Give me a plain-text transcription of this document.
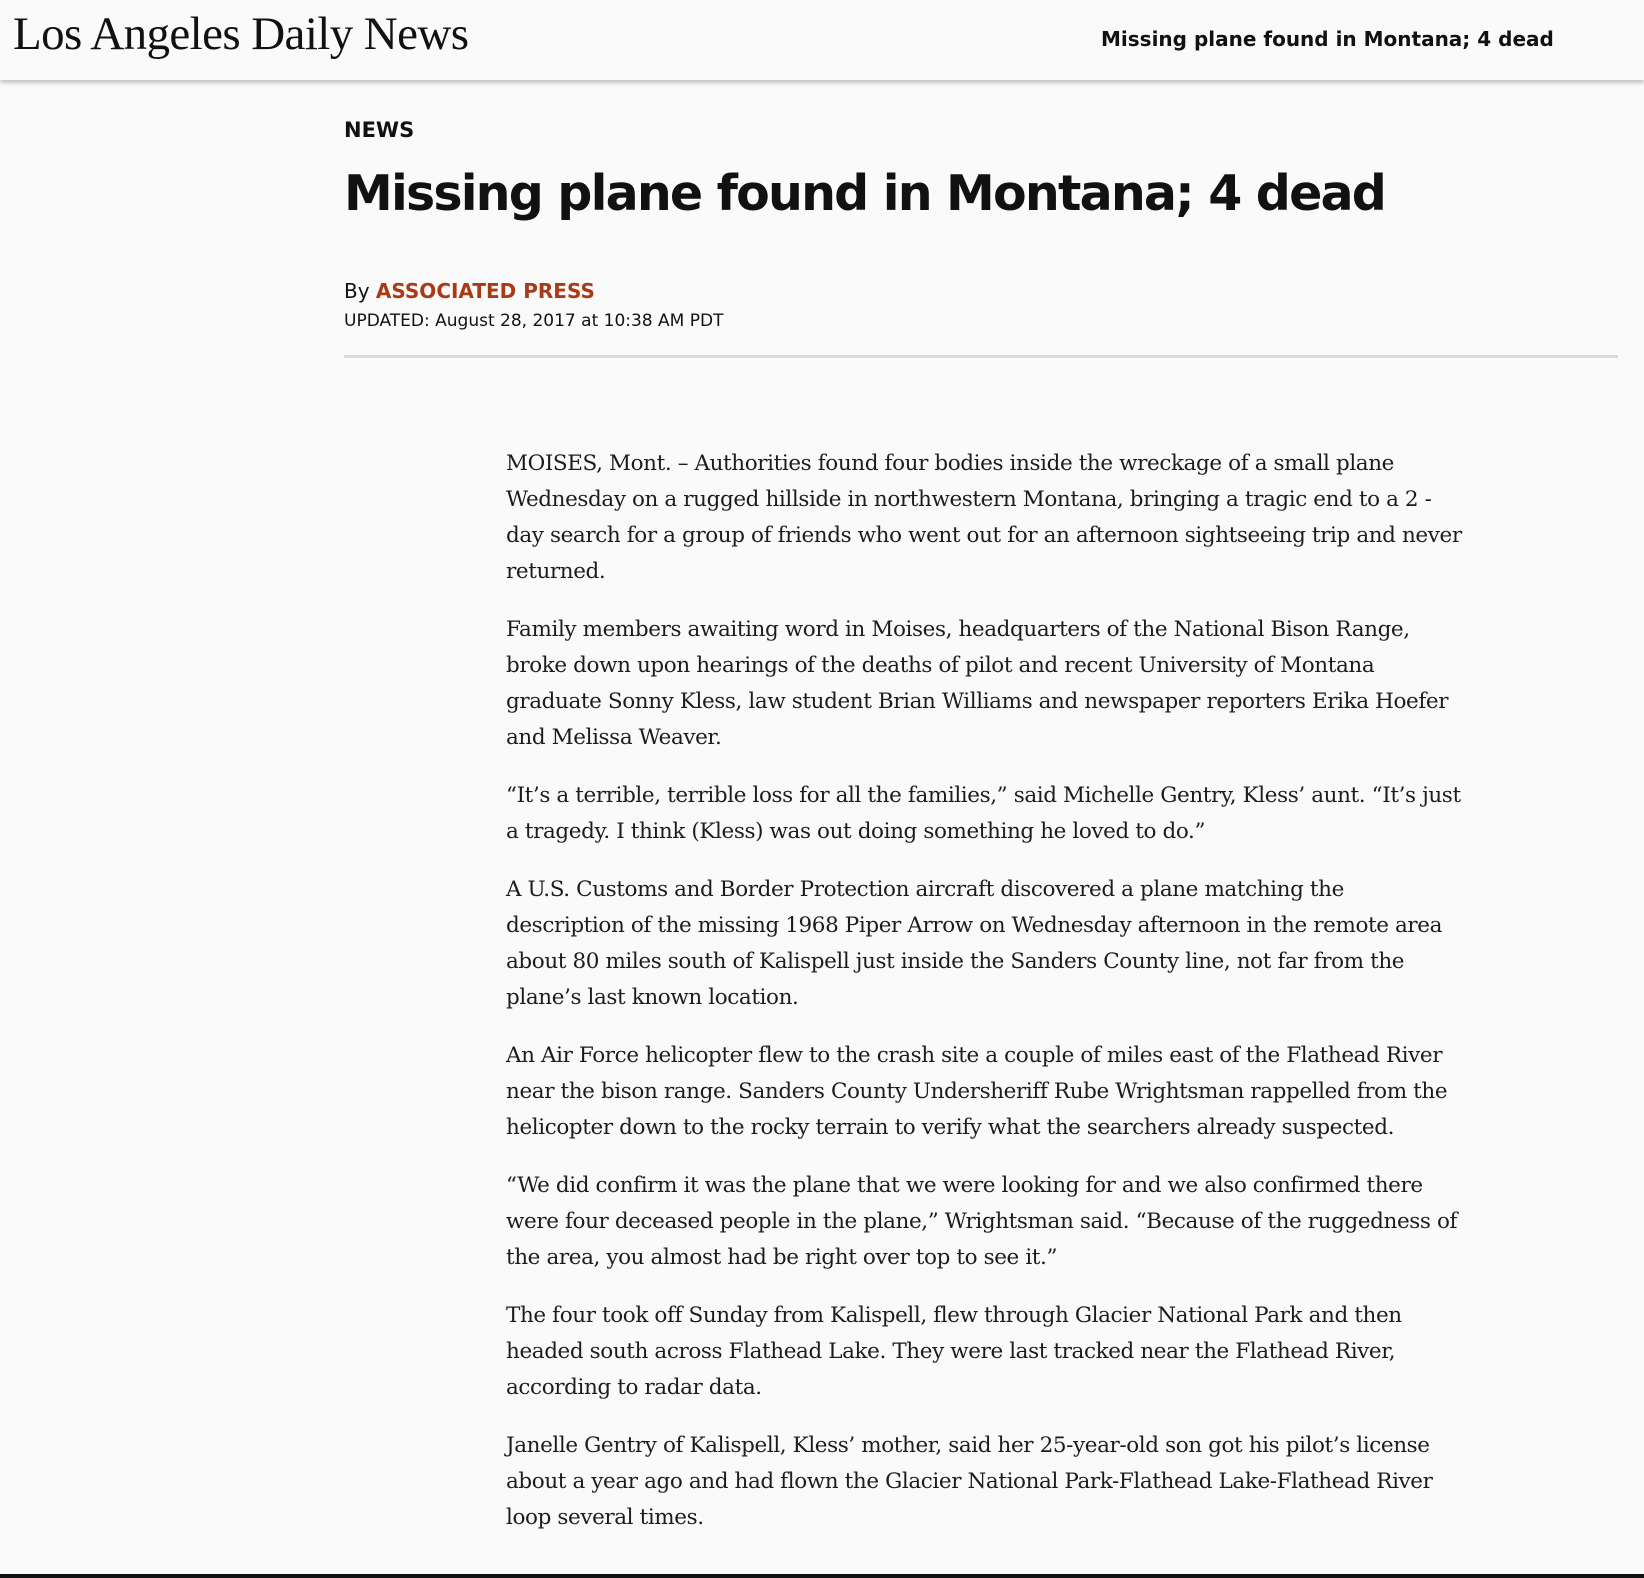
Los Angeles Daily News	Missing plane found in Montana; 4 dead
NEWS
Missing plane found in Montana; 4 dead
By ASSOCIATED PRESS
UPDATED: August 28, 2017 at 10:38 AM PDT

MOISES, Mont. – Authorities found four bodies inside the wreckage of a small plane Wednesday on a rugged hillside in northwestern Montana, bringing a tragic end to a 2 -day search for a group of friends who went out for an afternoon sightseeing trip and never returned.

Family members awaiting word in Moises, headquarters of the National Bison Range, broke down upon hearings of the deaths of pilot and recent University of Montana graduate Sonny Kless, law student Brian Williams and newspaper reporters Erika Hoefer and Melissa Weaver.

“It’s a terrible, terrible loss for all the families,” said Michelle Gentry, Kless’ aunt. “It’s just a tragedy. I think (Kless) was out doing something he loved to do.”

A U.S. Customs and Border Protection aircraft discovered a plane matching the description of the missing 1968 Piper Arrow on Wednesday afternoon in the remote area about 80 miles south of Kalispell just inside the Sanders County line, not far from the plane’s last known location.

An Air Force helicopter flew to the crash site a couple of miles east of the Flathead River near the bison range. Sanders County Undersheriff Rube Wrightsman rappelled from the helicopter down to the rocky terrain to verify what the searchers already suspected.

“We did confirm it was the plane that we were looking for and we also confirmed there were four deceased people in the plane,” Wrightsman said. “Because of the ruggedness of the area, you almost had be right over top to see it.”

The four took off Sunday from Kalispell, flew through Glacier National Park and then headed south across Flathead Lake. They were last tracked near the Flathead River, according to radar data.

Janelle Gentry of Kalispell, Kless’ mother, said her 25-year-old son got his pilot’s license about a year ago and had flown the Glacier National Park-Flathead Lake-Flathead River loop several times.
